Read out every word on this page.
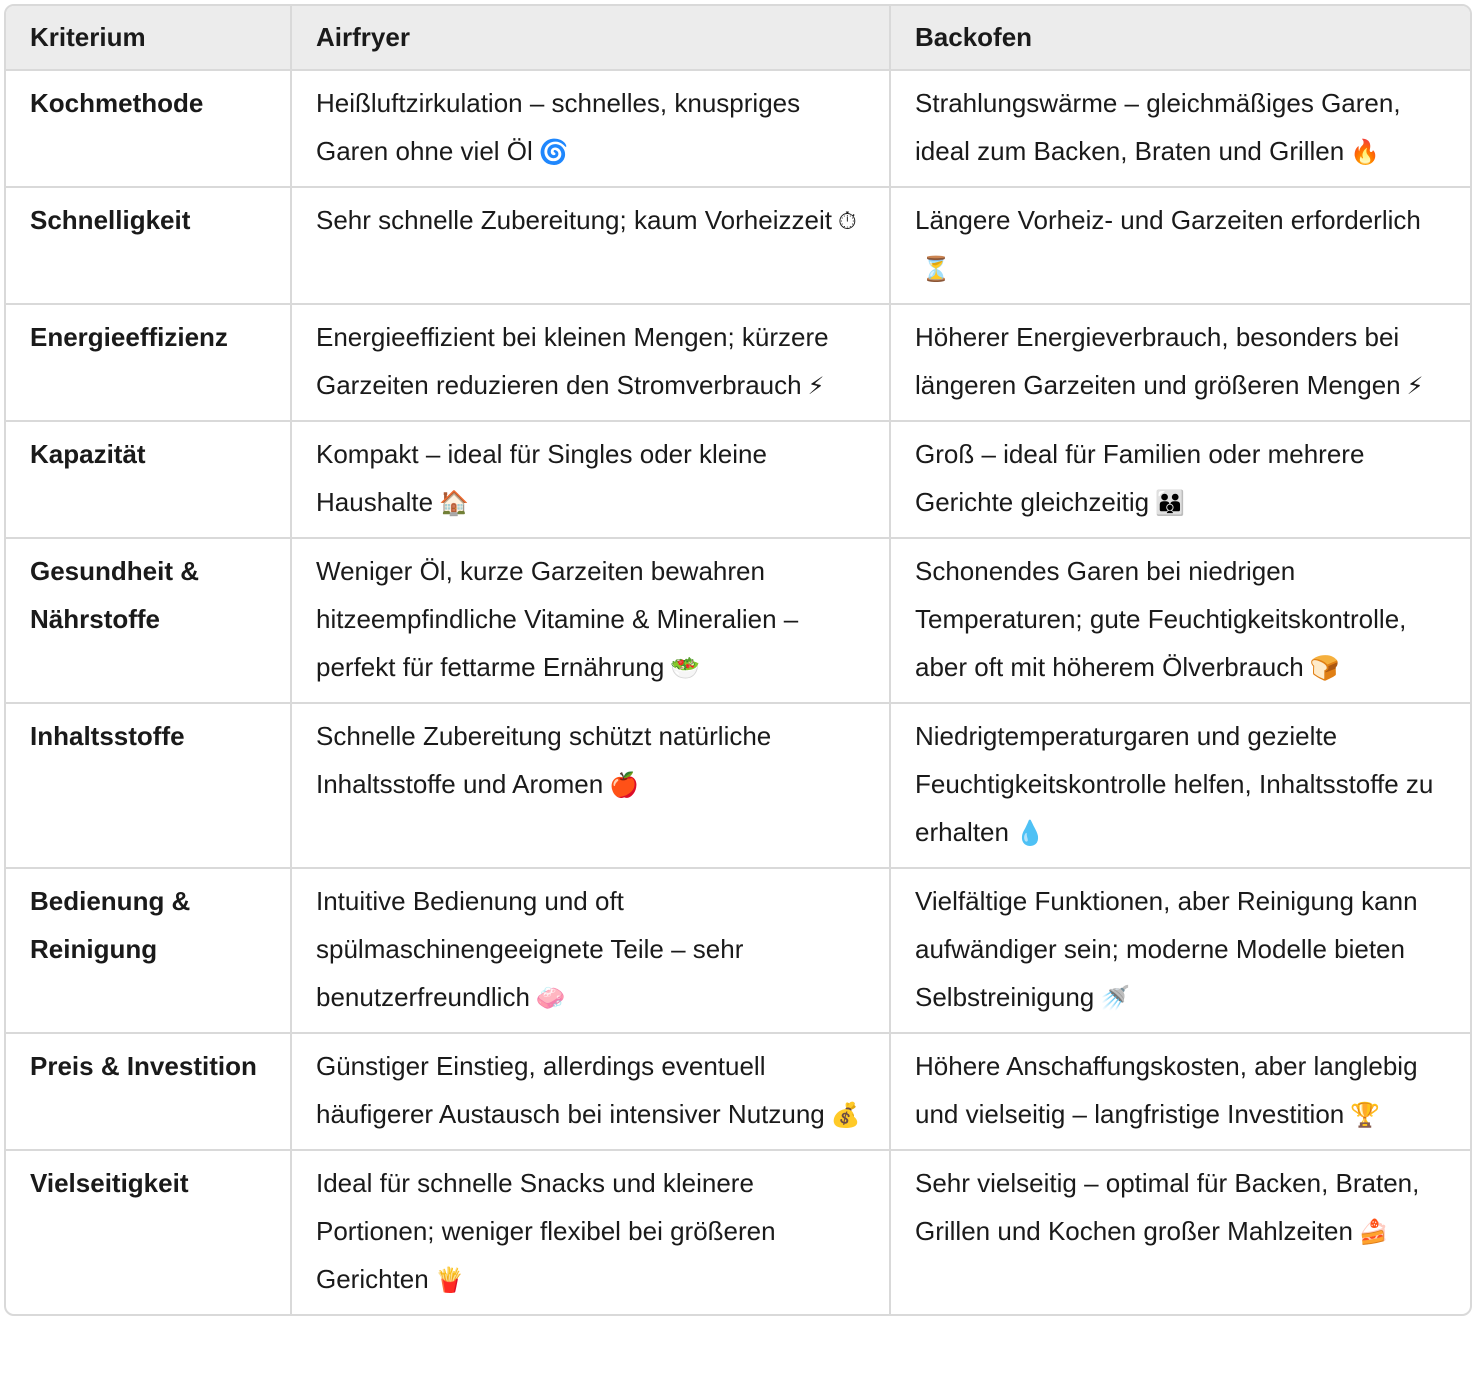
Kriterium	Airfryer	Backofen
Kochmethode	Heißluftzirkulation – schnelles, knuspriges Garen ohne viel Öl 🌀	Strahlungswärme – gleichmäßiges Garen, ideal zum Backen, Braten und Grillen 🔥
Schnelligkeit	Sehr schnelle Zubereitung; kaum Vorheizzeit ⏱	Längere Vorheiz- und Garzeiten erforderlich⏳
Energieeffizienz	Energieeffizient bei kleinen Mengen; kürzere Garzeiten reduzieren den Stromverbrauch ⚡	Höherer Energieverbrauch, besonders bei längeren Garzeiten und größeren Mengen ⚡
Kapazität	Kompakt – ideal für Singles oder kleine Haushalte 🏠	Groß – ideal für Familien oder mehrere Gerichte gleichzeitig 👪
Gesundheit & Nährstoffe	Weniger Öl, kurze Garzeiten bewahren hitzeempfindliche Vitamine & Mineralien – perfekt für fettarme Ernährung 🥗	Schonendes Garen bei niedrigen Temperaturen; gute Feuchtigkeitskontrolle, aber oft mit höherem Ölverbrauch 🍞
Inhaltsstoffe	Schnelle Zubereitung schützt natürliche Inhaltsstoffe und Aromen 🍎	Niedrigtemperaturgaren und gezielte Feuchtigkeitskontrolle helfen, Inhaltsstoffe zu erhalten 💧
Bedienung & Reinigung	Intuitive Bedienung und oft spülmaschinengeeignete Teile – sehr benutzerfreundlich 🧼	Vielfältige Funktionen, aber Reinigung kann aufwändiger sein; moderne Modelle bieten Selbstreinigung 🚿
Preis & Investition	Günstiger Einstieg, allerdings eventuell häufigerer Austausch bei intensiver Nutzung 💰	Höhere Anschaffungskosten, aber langlebig und vielseitig – langfristige Investition 🏆
Vielseitigkeit	Ideal für schnelle Snacks und kleinere Portionen; weniger flexibel bei größeren Gerichten 🍟	Sehr vielseitig – optimal für Backen, Braten, Grillen und Kochen großer Mahlzeiten 🍰
